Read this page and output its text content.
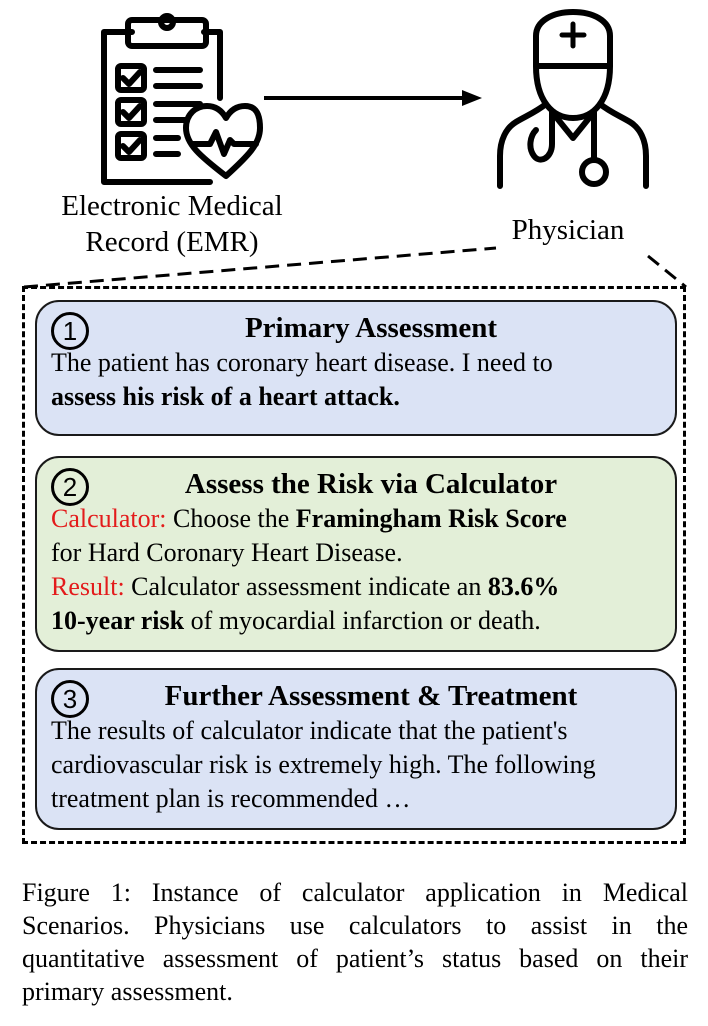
Electronic Medical
Record (EMR)	Physician
1	Primary Assessment
The patient has coronary heart disease. I need to
assess his risk of a heart attack.
2	Assess the Risk via Calculator
Calculator: Choose the Framingham Risk Score
for Hard Coronary Heart Disease.
Result: Calculator assessment indicate an 83.6%
10-year risk of myocardial infarction or death.
3	Further Assessment & Treatment
The results of calculator indicate that the patient's cardiovascular risk is extremely high. The following treatment plan is recommended …
Figure 1: Instance of calculator application in Medical Scenarios. Physicians use calculators to assist in the quantitative assessment of patient’s status based on their primary assessment.
